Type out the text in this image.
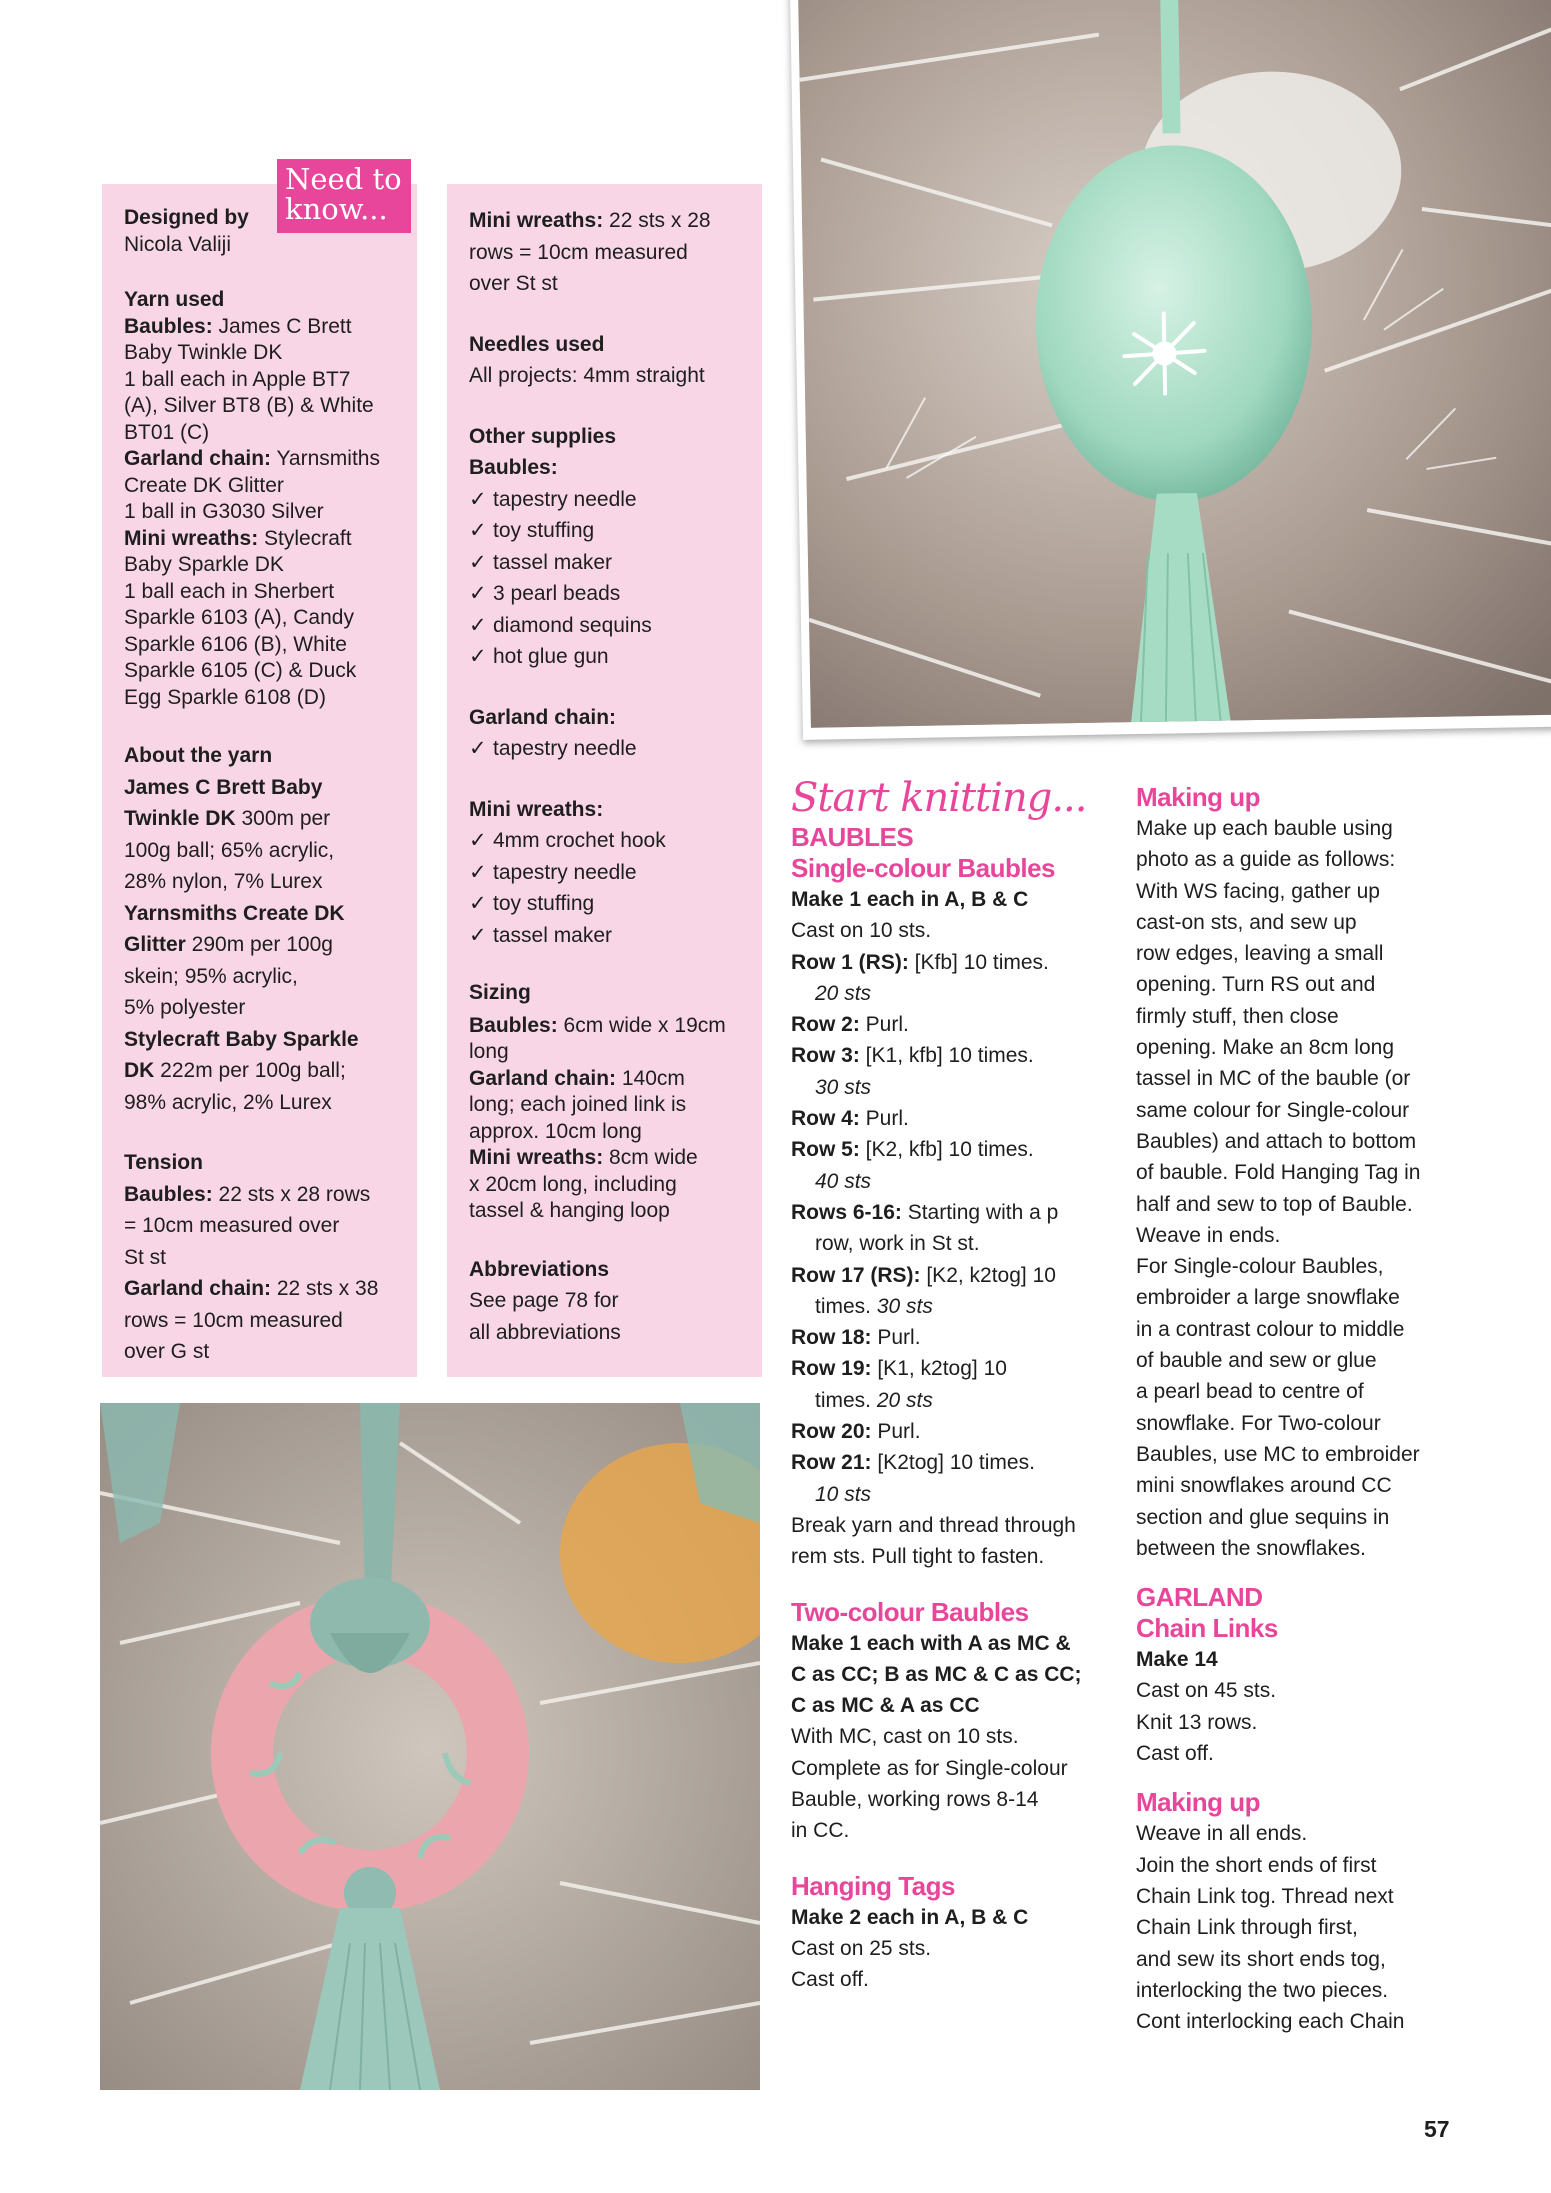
Designed by

Nicola Valiji

Yarn used

Baubles: James C Brett

Baby Twinkle DK

1 ball each in Apple BT7

(A), Silver BT8 (B) & White

BT01 (C)

Garland chain: Yarnsmiths

Create DK Glitter

1 ball in G3030 Silver

Mini wreaths: Stylecraft

Baby Sparkle DK

1 ball each in Sherbert

Sparkle 6103 (A), Candy

Sparkle 6106 (B), White

Sparkle 6105 (C) & Duck

Egg Sparkle 6108 (D)

About the yarn

James C Brett Baby

Twinkle DK 300m per

100g ball; 65% acrylic,

28% nylon, 7% Lurex

Yarnsmiths Create DK

Glitter 290m per 100g

skein; 95% acrylic,

5% polyester

Stylecraft Baby Sparkle

DK 222m per 100g ball;

98% acrylic, 2% Lurex

Tension

Baubles: 22 sts x 28 rows

= 10cm measured over

St st

Garland chain: 22 sts x 38

rows = 10cm measured

over G st

Need to
know...	Mini wreaths: 22 sts x 28

rows = 10cm measured

over St st

Needles used

All projects: 4mm straight

Other supplies

Baubles:

✓ tapestry needle

✓ toy stuffing

✓ tassel maker

✓ 3 pearl beads

✓ diamond sequins

✓ hot glue gun

Garland chain:

✓ tapestry needle

Mini wreaths:

✓ 4mm crochet hook

✓ tapestry needle

✓ toy stuffing

✓ tassel maker

Sizing

Baubles: 6cm wide x 19cm

long

Garland chain: 140cm

long; each joined link is

approx. 10cm long

Mini wreaths: 8cm wide

x 20cm long, including

tassel & hanging loop

Abbreviations

See page 78 for

all abbreviations

Start knitting...

BAUBLES

Single-colour Baubles

Make 1 each in A, B & C

Cast on 10 sts.

Row 1 (RS): [Kfb] 10 times.

20 sts

Row 2: Purl.

Row 3: [K1, kfb] 10 times.

30 sts

Row 4: Purl.

Row 5: [K2, kfb] 10 times.

40 sts

Rows 6-16: Starting with a p

row, work in St st.

Row 17 (RS): [K2, k2tog] 10

times. 30 sts

Row 18: Purl.

Row 19: [K1, k2tog] 10

times. 20 sts

Row 20: Purl.

Row 21: [K2tog] 10 times.

10 sts

Break yarn and thread through

rem sts. Pull tight to fasten.

Two-colour Baubles

Make 1 each with A as MC &

C as CC; B as MC & C as CC;

C as MC & A as CC

With MC, cast on 10 sts.

Complete as for Single-colour

Bauble, working rows 8-14

in CC.

Hanging Tags

Make 2 each in A, B & C

Cast on 25 sts.

Cast off.

Making up

Make up each bauble using

photo as a guide as follows:

With WS facing, gather up

cast-on sts, and sew up

row edges, leaving a small

opening. Turn RS out and

firmly stuff, then close

opening. Make an 8cm long

tassel in MC of the bauble (or

same colour for Single-colour

Baubles) and attach to bottom

of bauble. Fold Hanging Tag in

half and sew to top of Bauble.

Weave in ends.

For Single-colour Baubles,

embroider a large snowflake

in a contrast colour to middle

of bauble and sew or glue

a pearl bead to centre of

snowflake. For Two-colour

Baubles, use MC to embroider

mini snowflakes around CC

section and glue sequins in

between the snowflakes.

GARLAND

Chain Links

Make 14

Cast on 45 sts.

Knit 13 rows.

Cast off.

Making up

Weave in all ends.

Join the short ends of first

Chain Link tog. Thread next

Chain Link through first,

and sew its short ends tog,

interlocking the two pieces.

Cont interlocking each Chain

57
